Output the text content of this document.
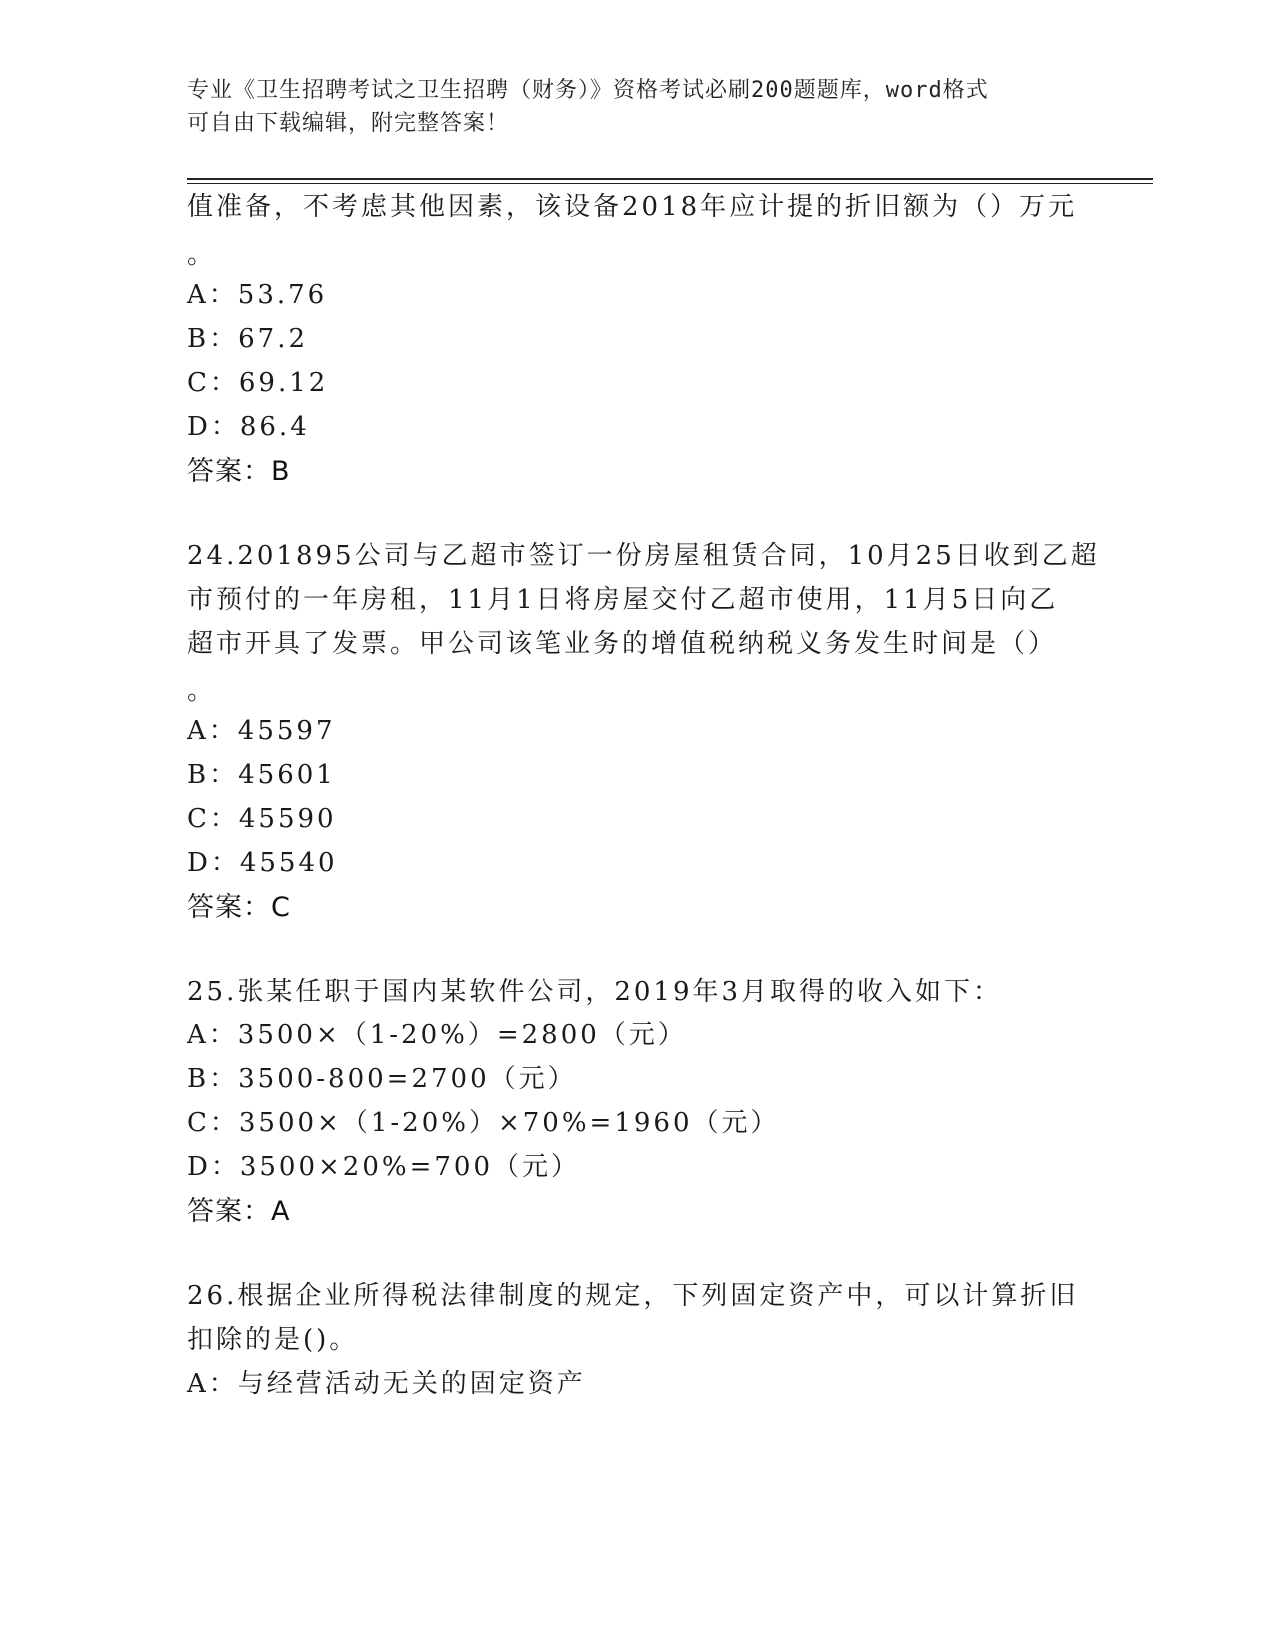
专业《卫生招聘考试之卫生招聘（财务）》资格考试必刷200题题库，word格式
可自由下载编辑，附完整答案！
值准备，不考虑其他因素，该设备2018年应计提的折旧额为（）万元
。
A：53.76
B：67.2
C：69.12
D：86.4
答案：B
24.201895公司与乙超市签订一份房屋租赁合同，10月25日收到乙超
市预付的一年房租，11月1日将房屋交付乙超市使用，11月5日向乙
超市开具了发票。甲公司该笔业务的增值税纳税义务发生时间是（）
。
A：45597
B：45601
C：45590
D：45540
答案：C
25.张某任职于国内某软件公司，2019年3月取得的收入如下：
A：3500×（1-20%）=2800（元）
B：3500-800=2700（元）
C：3500×（1-20%）×70%=1960（元）
D：3500×20%=700（元）
答案：A
26.根据企业所得税法律制度的规定，下列固定资产中，可以计算折旧
扣除的是()。
A：与经营活动无关的固定资产
